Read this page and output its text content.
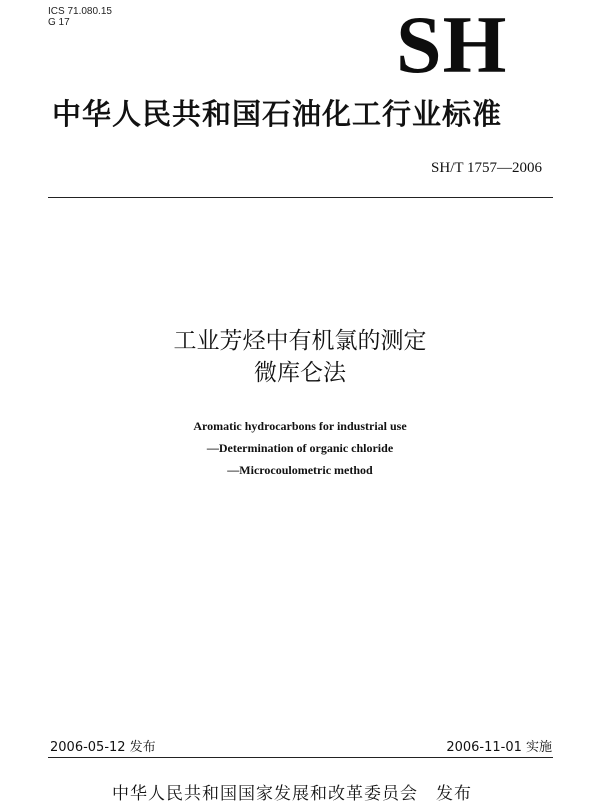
ICS 71.080.15
G 17	SH
中华人民共和国石油化工行业标准
SH/T 1757—2006
工业芳烃中有机氯的测定
微库仑法
Aromatic hydrocarbons for industrial use
—Determination of organic chloride
—Microcoulometric method
2006-05-12 发布	2006-11-01 实施
中华人民共和国国家发展和改革委员会　发布
